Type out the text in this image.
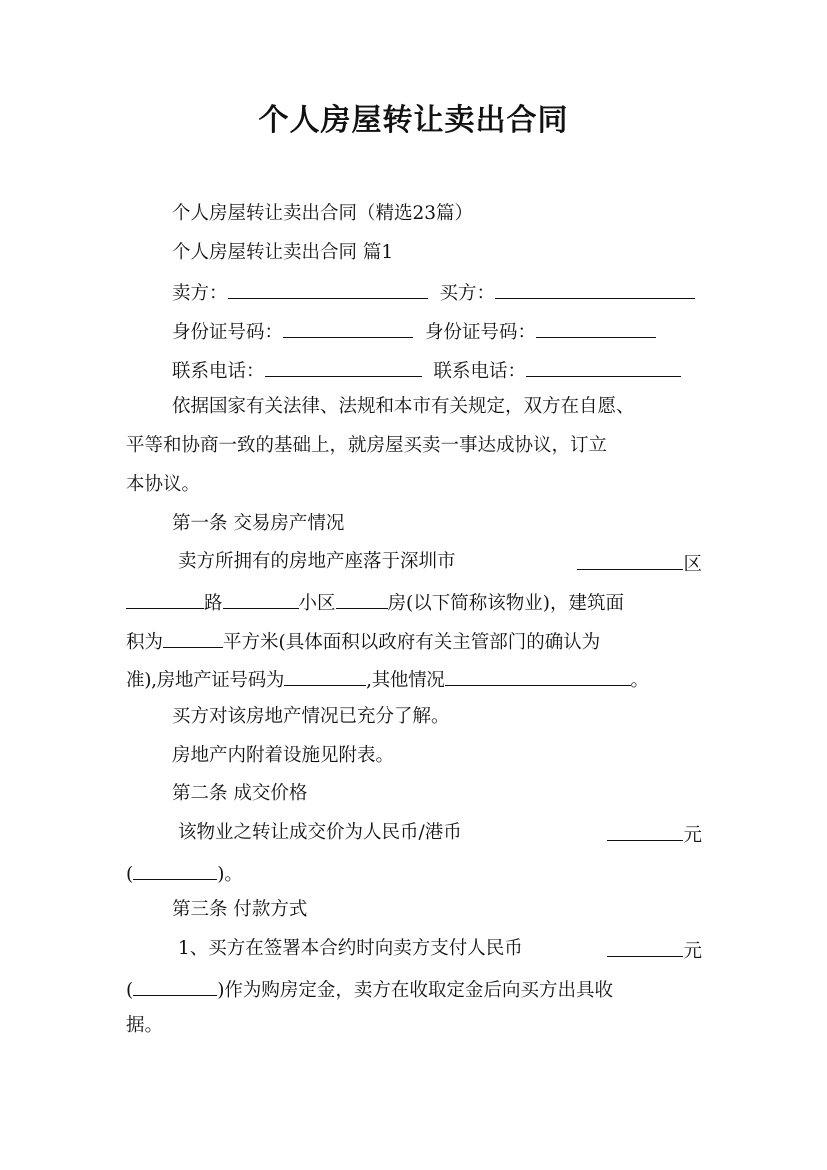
个人房屋转让卖出合同
个人房屋转让卖出合同（精选23篇）
个人房屋转让卖出合同 篇1
卖方：	买方：
身份证号码：	身份证号码：
联系电话：	联系电话：
依据国家有关法律、法规和本市有关规定，双方在自愿、
平等和协商一致的基础上，就房屋买卖一事达成协议，订立
本协议。
第一条 交易房产情况
卖方所拥有的房地产座落于深圳市	区
路	小区	房(以下简称该物业)，建筑面
积为	平方米(具体面积以政府有关主管部门的确认为
准),房地产证号码为	,其他情况	。
买方对该房地产情况已充分了解。
房地产内附着设施见附表。
第二条 成交价格
该物业之转让成交价为人民币/港币	元
(	)。
第三条 付款方式
1、买方在签署本合约时向卖方支付人民币	元
(	)作为购房定金，卖方在收取定金后向买方出具收
据。
